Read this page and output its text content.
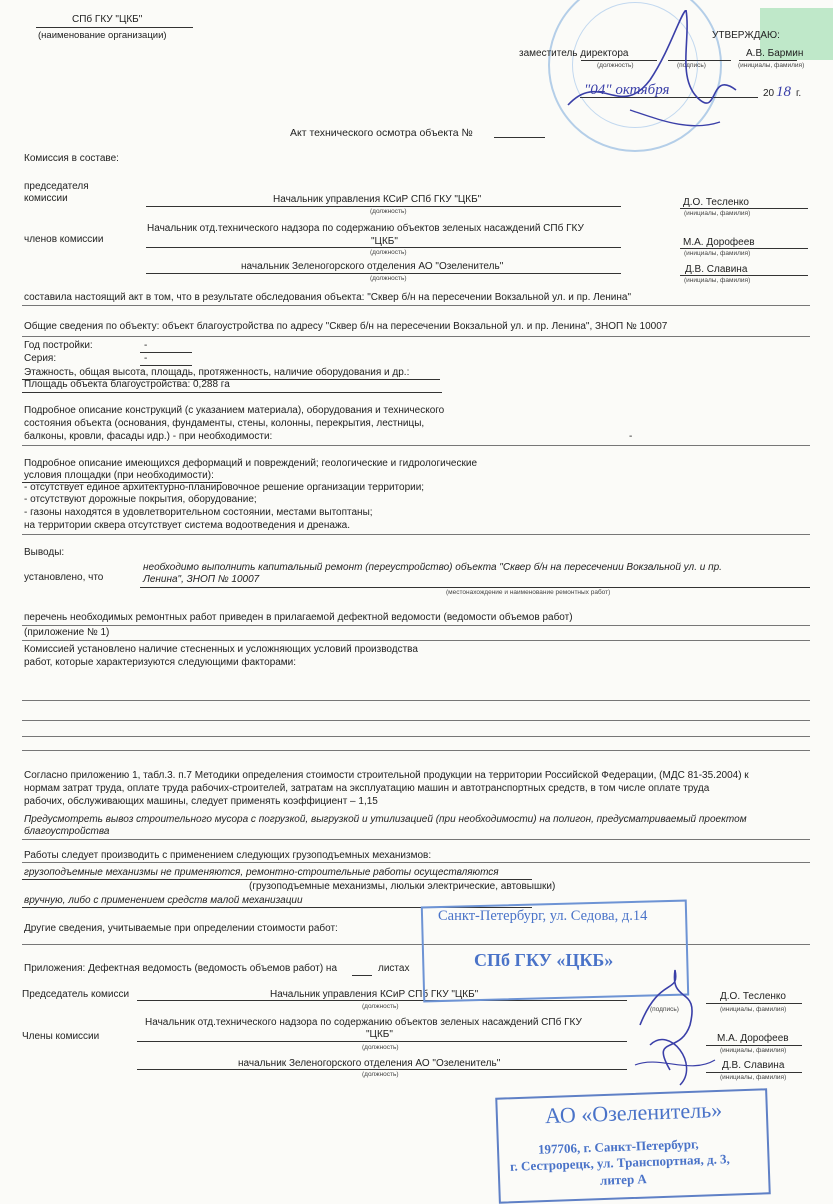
СПб ГКУ "ЦКБ"
(наименование организации)	УТВЕРЖДАЮ:
заместитель директора	А.В. Бармин
(должность)	(подпись)	(инициалы, фамилия)
"04" октября	20 18 г.
Акт технического осмотра объекта №
Комиссия в составе:
председателя
комиссии	Начальник управления КСиР СПб ГКУ "ЦКБ"	Д.О. Тесленко
(должность)	(инициалы, фамилия)
Начальник отд.технического надзора по содержанию объектов зеленых насаждений СПб ГКУ
членов комиссии	"ЦКБ"	М.А. Дорофеев
(должность)	(инициалы, фамилия)
начальник Зеленогорского отделения АО "Озеленитель"	Д.В. Славина
(должность)	(инициалы, фамилия)
составила настоящий акт в том, что в результате обследования объекта: "Сквер б/н на пересечении Вокзальной ул. и пр. Ленина"
Общие сведения по объекту: объект благоустройства по адресу "Сквер б/н на пересечении Вокзальной ул. и пр. Ленина", ЗНОП № 10007
Год постройки:	-
Серия:	-
Этажность, общая высота, площадь, протяженность, наличие оборудования и др.:
Площадь объекта благоустройства: 0,288 га
Подробное описание конструкций (с указанием материала), оборудования и технического
состояния объекта (основания, фундаменты, стены, колонны, перекрытия, лестницы,
балконы, кровли, фасады идр.) - при необходимости:	-
Подробное описание имеющихся деформаций и повреждений; геологические и гидрологические
условия площадки (при необходимости):
- отсутствует единое архитектурно-планировочное решение организации территории;
- отсутствуют дорожные покрытия, оборудование;
- газоны находятся в удовлетворительном состоянии, местами вытоптаны;
на территории сквера отсутствует система водоотведения и дренажа.
Выводы:
необходимо выполнить капитальный ремонт (переустройство) объекта "Сквер б/н на пересечении Вокзальной ул. и пр.
установлено, что	Ленина", ЗНОП № 10007
(местонахождение и наименование ремонтных работ)
перечень необходимых ремонтных работ приведен в прилагаемой дефектной ведомости (ведомости объемов работ)
(приложение № 1)
Комиссией установлено наличие стесненных и усложняющих условий производства
работ, которые характеризуются следующими факторами:
Согласно приложению 1, табл.3. п.7 Методики определения стоимости строительной продукции на территории Российской Федерации, (МДС 81-35.2004) к
нормам затрат труда, оплате труда рабочих-строителей, затратам на эксплуатацию машин и автотранспортных средств, в том числе оплате труда
рабочих, обслуживающих машины, следует применять коэффициент – 1,15
Предусмотреть вывоз строительного мусора с погрузкой, выгрузкой и утилизацией (при необходимости) на полигон, предусматриваемый проектом
благоустройства
Работы следует производить с применением следующих грузоподъемных механизмов:
грузоподъемные механизмы не применяются, ремонтно-строительные работы осуществляются
(грузоподъемные механизмы, люльки электрические, автовышки)
вручную, либо с применением средств малой механизации
Другие сведения, учитываемые при определении стоимости работ:
Приложения: Дефектная ведомость (ведомость объемов работ) на	листах
Председатель комисси	Начальник управления КСиР СПб ГКУ "ЦКБ"	Д.О. Тесленко
(должность)	(подпись)	(инициалы, фамилия)
Начальник отд.технического надзора по содержанию объектов зеленых насаждений СПб ГКУ
Члены комиссии	"ЦКБ"	М.А. Дорофеев
(должность)	(инициалы, фамилия)
начальник Зеленогорского отделения АО "Озеленитель"	Д.В. Славина
(должность)	(инициалы, фамилия)
Санкт-Петербург, ул. Седова, д.14
СПб ГКУ «ЦКБ»
АО «Озеленитель»
197706, г. Санкт-Петербург,
г. Сестрорецк, ул. Транспортная, д. 3,
литер А
